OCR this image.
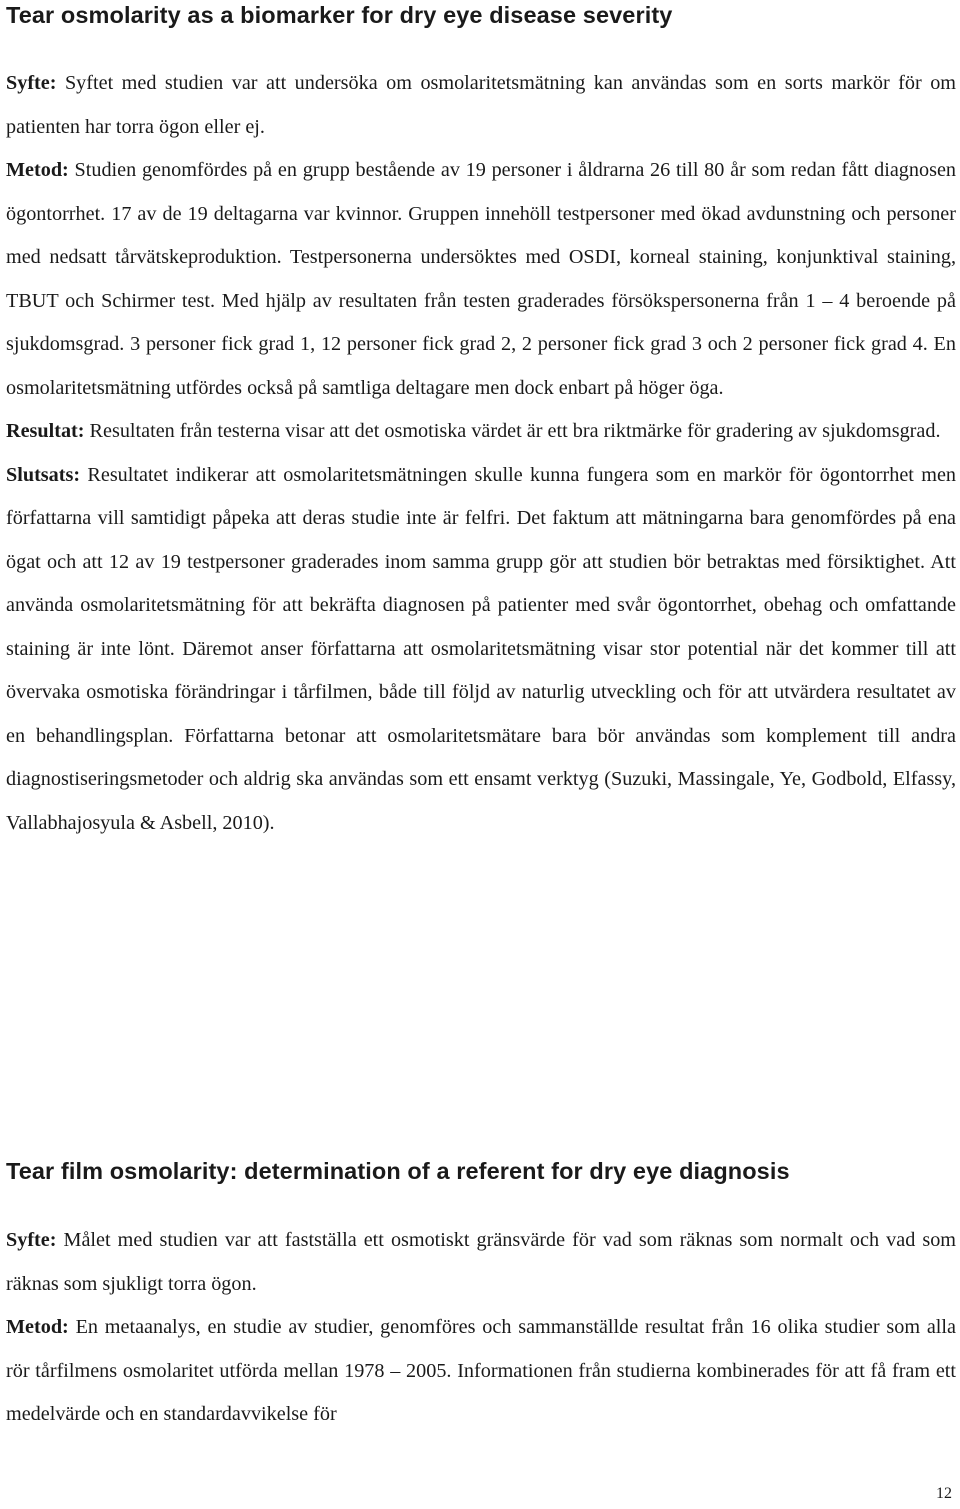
Tear osmolarity as a biomarker for dry eye disease severity

Syfte: Syftet med studien var att undersöka om osmolaritetsmätning kan användas som en sorts markör för om patienten har torra ögon eller ej.

Metod: Studien genomfördes på en grupp bestående av 19 personer i åldrarna 26 till 80 år som redan fått diagnosen ögontorrhet. 17 av de 19 deltagarna var kvinnor. Gruppen innehöll testpersoner med ökad avdunstning och personer med nedsatt tårvätskeproduktion. Testpersonerna undersöktes med OSDI, korneal staining, konjunktival staining, TBUT och Schirmer test. Med hjälp av resultaten från testen graderades försökspersonerna från 1 – 4 beroende på sjukdomsgrad. 3 personer fick grad 1, 12 personer fick grad 2, 2 personer fick grad 3 och 2 personer fick grad 4. En osmolaritetsmätning utfördes också på samtliga deltagare men dock enbart på höger öga.

Resultat: Resultaten från testerna visar att det osmotiska värdet är ett bra riktmärke för gradering av sjukdomsgrad.

Slutsats: Resultatet indikerar att osmolaritetsmätningen skulle kunna fungera som en markör för ögontorrhet men författarna vill samtidigt påpeka att deras studie inte är felfri. Det faktum att mätningarna bara genomfördes på ena ögat och att 12 av 19 testpersoner graderades inom samma grupp gör att studien bör betraktas med försiktighet. Att använda osmolaritetsmätning för att bekräfta diagnosen på patienter med svår ögontorrhet, obehag och omfattande staining är inte lönt. Däremot anser författarna att osmolaritetsmätning visar stor potential när det kommer till att övervaka osmotiska förändringar i tårfilmen, både till följd av naturlig utveckling och för att utvärdera resultatet av en behandlingsplan. Författarna betonar att osmolaritetsmätare bara bör användas som komplement till andra diagnostiseringsmetoder och aldrig ska användas som ett ensamt verktyg (Suzuki, Massingale, Ye, Godbold, Elfassy, Vallabhajosyula & Asbell, 2010).

Tear film osmolarity: determination of a referent for dry eye diagnosis

Syfte: Målet med studien var att fastställa ett osmotiskt gränsvärde för vad som räknas som normalt och vad som räknas som sjukligt torra ögon.

Metod: En metaanalys, en studie av studier, genomföres och sammanställde resultat från 16 olika studier som alla rör tårfilmens osmolaritet utförda mellan 1978 – 2005. Informationen från studierna kombinerades för att få fram ett medelvärde och en standardavvikelse för

12
